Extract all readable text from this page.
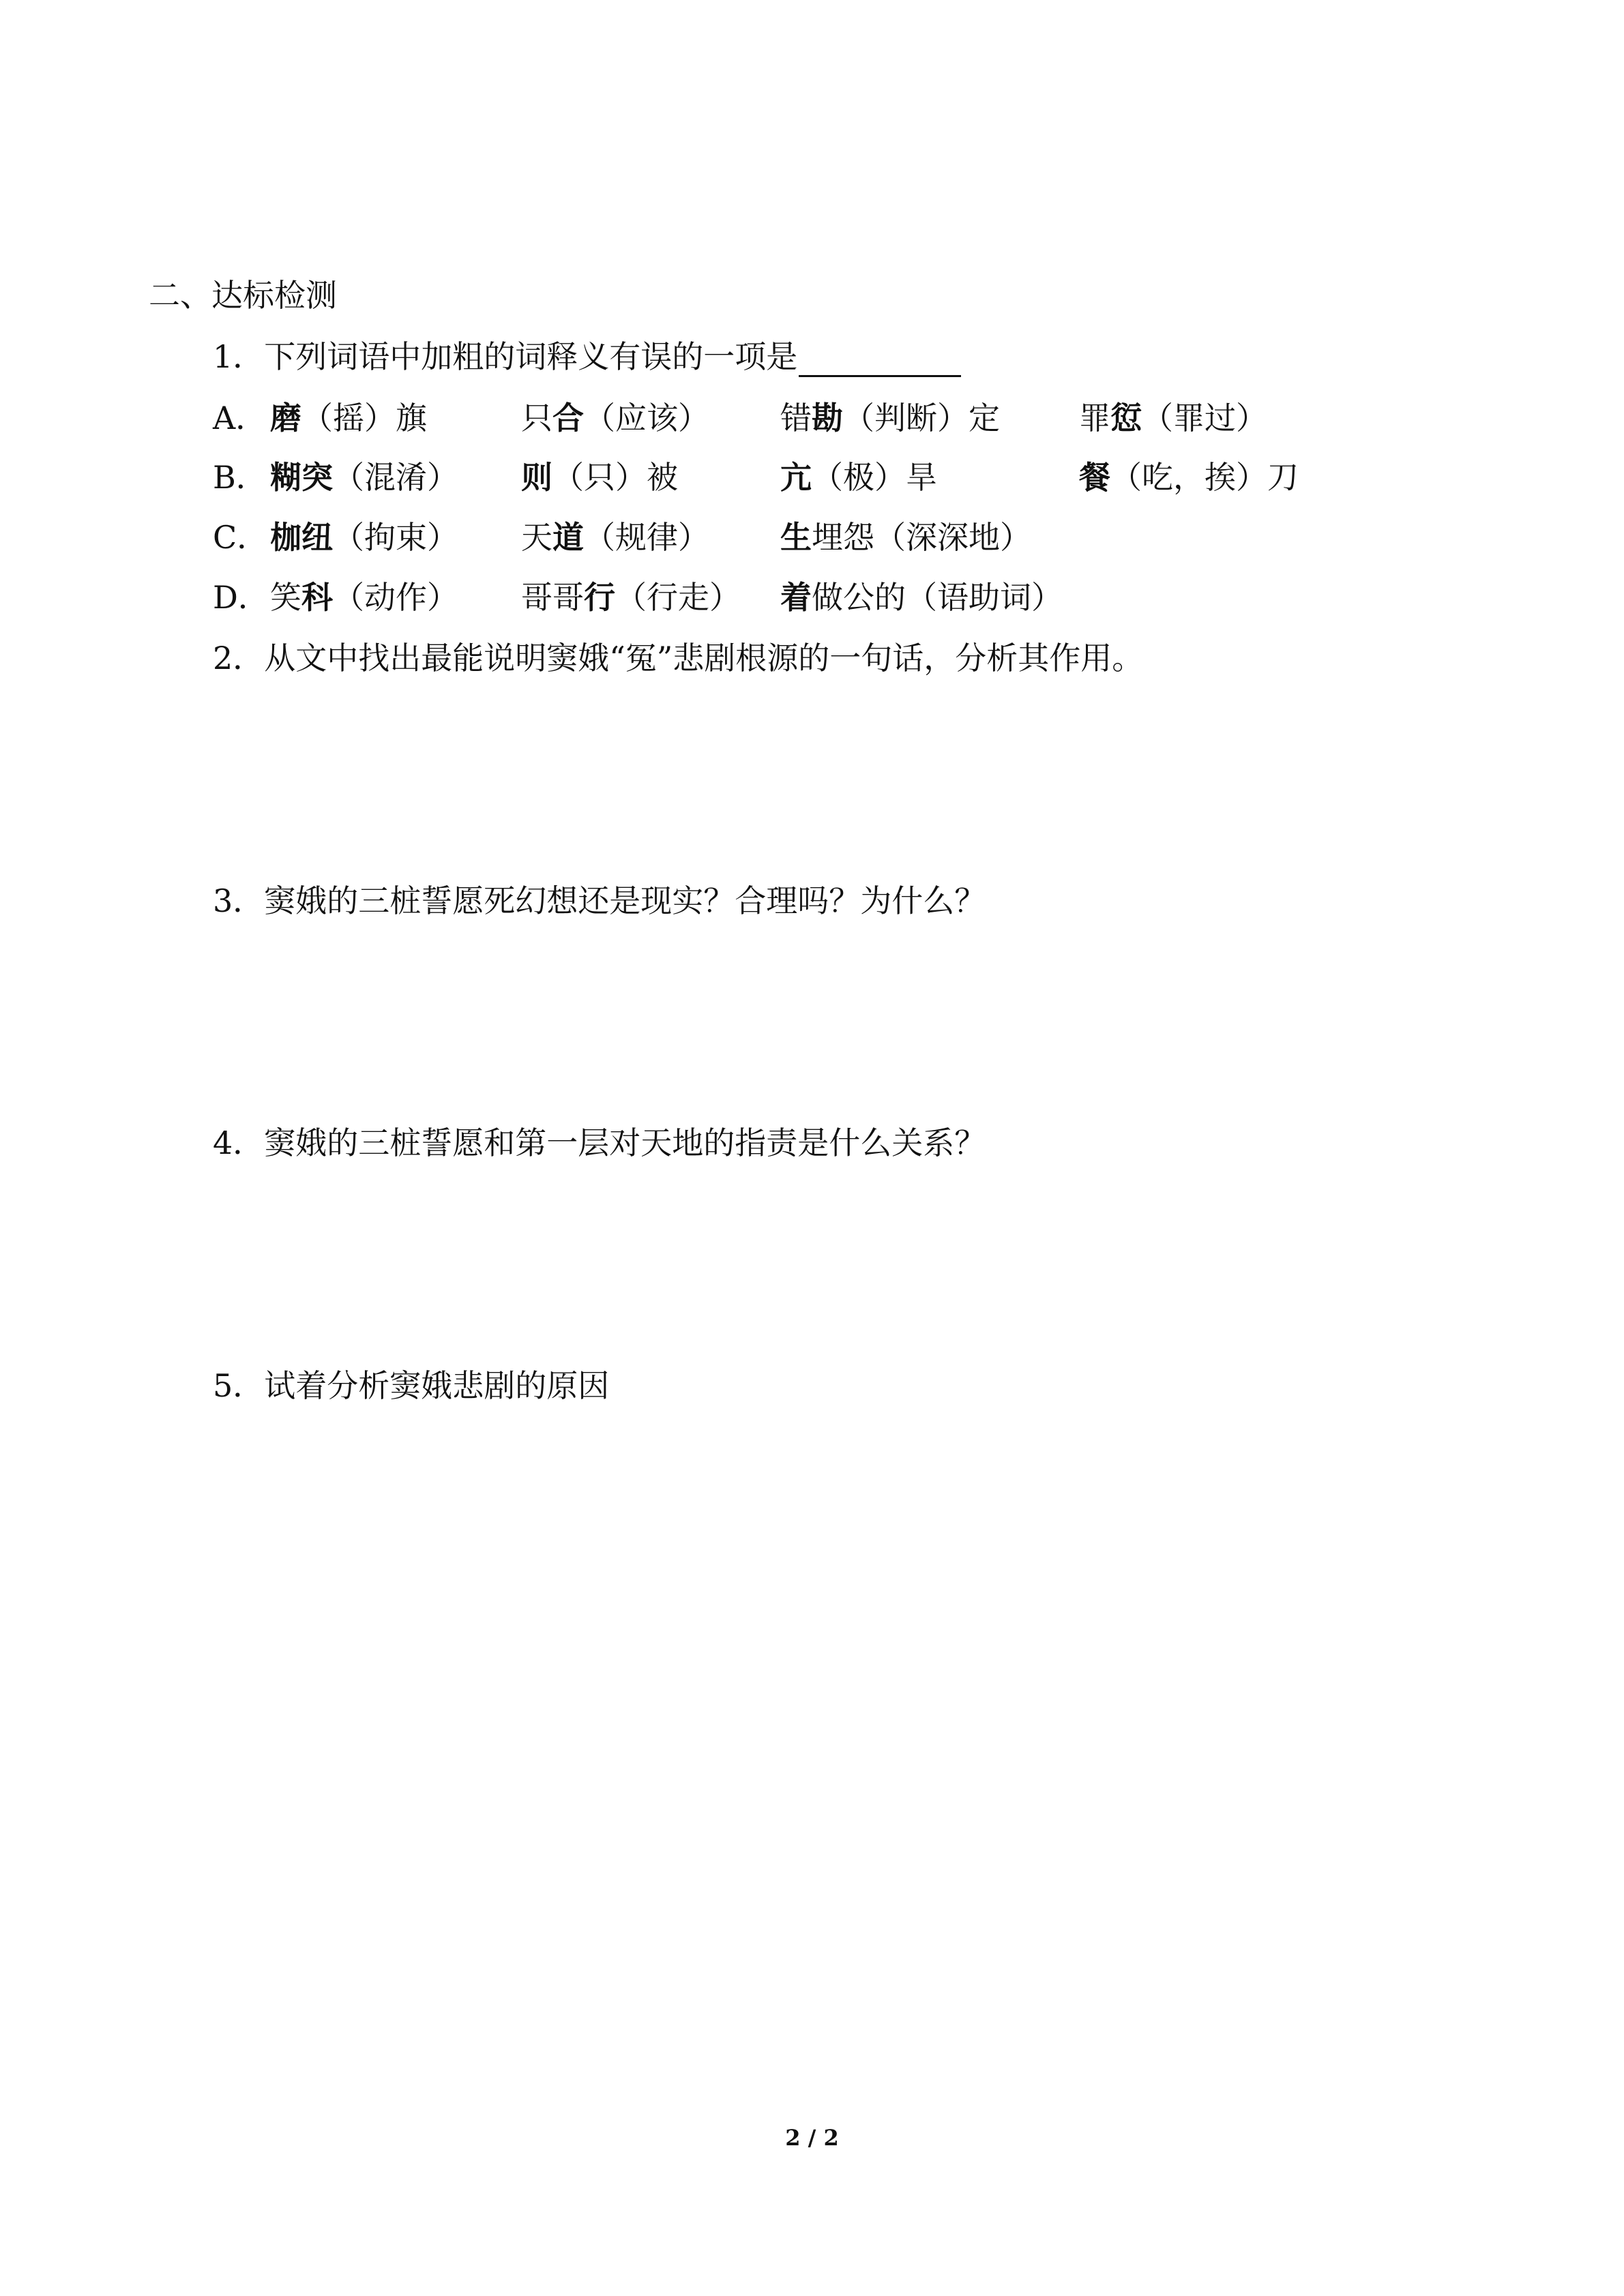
二、达标检测
1．下列词语中加粗的词释义有误的一项是
A． 磨（摇）旗	只合（应该） 错勘（判断）定	罪愆（罪过）
B． 糊突（混淆） 则（只）被	亢（极）旱	餐（吃，挨）刀
C． 枷纽（拘束） 天道（规律） 生埋怨（深深地）
D． 笑科（动作） 哥哥行（行走） 着做公的（语助词）
2．从文中找出最能说明窦娥“冤”悲剧根源的一句话，分析其作用。
3．窦娥的三桩誓愿死幻想还是现实？合理吗？为什么？
4．窦娥的三桩誓愿和第一层对天地的指责是什么关系？
5．试着分析窦娥悲剧的原因
2 / 2
